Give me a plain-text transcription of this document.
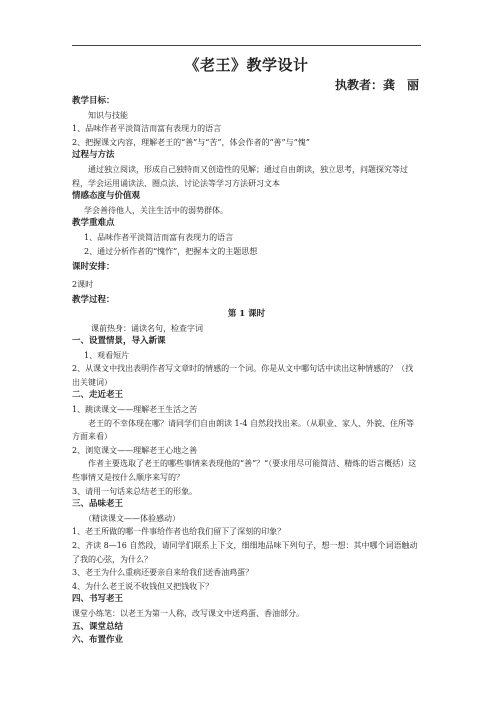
《老王》教学设计
执教者：龚　丽
教学目标：
知识与技能
1、品味作者平淡简洁而富有表现力的语言
2、把握课文内容，理解老王的“善”与“苦”，体会作者的“善”与“愧”
过程与方法
通过独立阅读，形成自己独特而又创造性的见解；通过自由朗读，独立思考，问题探究等过程，学会运用诵读法、圈点法、讨论法等学习方法研习文本
情感态度与价值观
学会善待他人，关注生活中的弱势群体。
教学重难点
1、品味作者平淡简洁而富有表现力的语言
2、通过分析作者的“愧怍”，把握本文的主题思想
课时安排：
2课时
教学过程：
第 1 课时
课前热身：诵读名句，检查字词
一、设置情景，导入新课
1、观看短片
2、从课文中找出表明作者写文章时的情感的一个词。你是从文中哪句话中读出这种情感的？（找出关键词）
二、走近老王
1、跳读课文——理解老王生活之苦
老王的不幸体现在哪？请同学们自由朗读 1-4 自然段找出来。（从职业、家人、外貌、住所等方面来看）
2、浏览课文——理解老王心地之善
作者主要选取了老王的哪些事情来表现他的“善”？“（要求用尽可能简洁、精炼的语言概括）这些事情又是按什么顺序来写的？
3、请用一句话来总结老王的形象。
三、品味老王
（精读课文——体验感动）
1、老王所做的哪一件事给作者也给我们留下了深刻的印象？
2、齐读 8—16 自然段，请同学们联系上下文，细细地品味下列句子，想一想：其中哪个词语触动了我的心弦，为什么？
3、老王为什么重病还要亲自来给我们送香油鸡蛋？
4、为什么老王说不收钱但又把钱收下？
四、书写老王
课堂小练笔：以老王为第一人称，改写课文中送鸡蛋、香油部分。
五、课堂总结
六、布置作业
